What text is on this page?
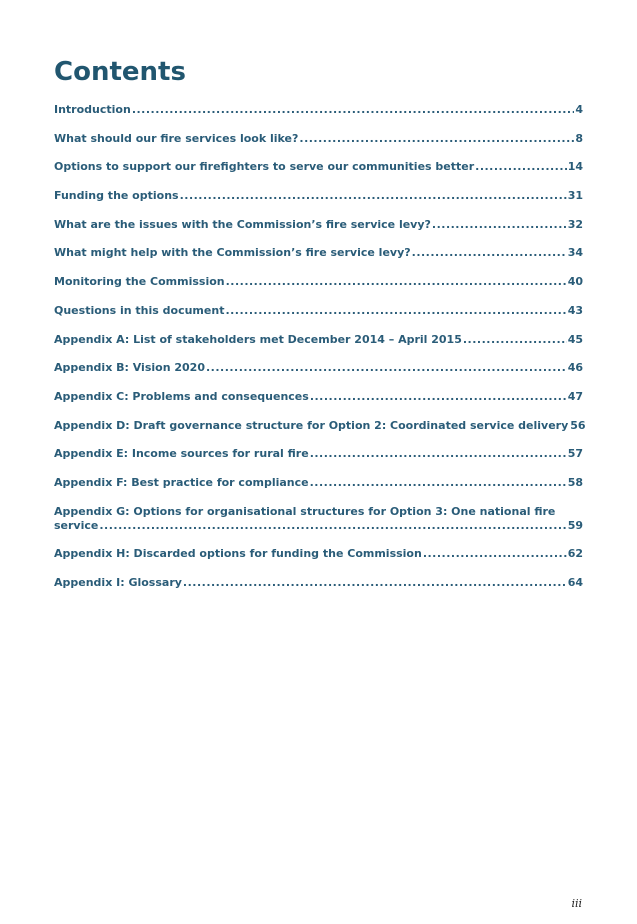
Contents
Introduction .....	4
What should our fire services look like? .....	8
Options to support our firefighters to serve our communities better .....	14
Funding the options .....	31
What are the issues with the Commission’s fire service levy? .....	32
What might help with the Commission’s fire service levy? .....	34
Monitoring the Commission .....	40
Questions in this document .....	43
Appendix A: List of stakeholders met December 2014 – April 2015 .....	45
Appendix B: Vision 2020 .....	46
Appendix C: Problems and consequences .....	47
Appendix D: Draft governance structure for Option 2: Coordinated service delivery 56
Appendix E: Income sources for rural fire .....	57
Appendix F: Best practice for compliance .....	58
Appendix G: Options for organisational structures for Option 3: One national fire
service .....	59
Appendix H: Discarded options for funding the Commission .....	62
Appendix I: Glossary .....	64
iii
